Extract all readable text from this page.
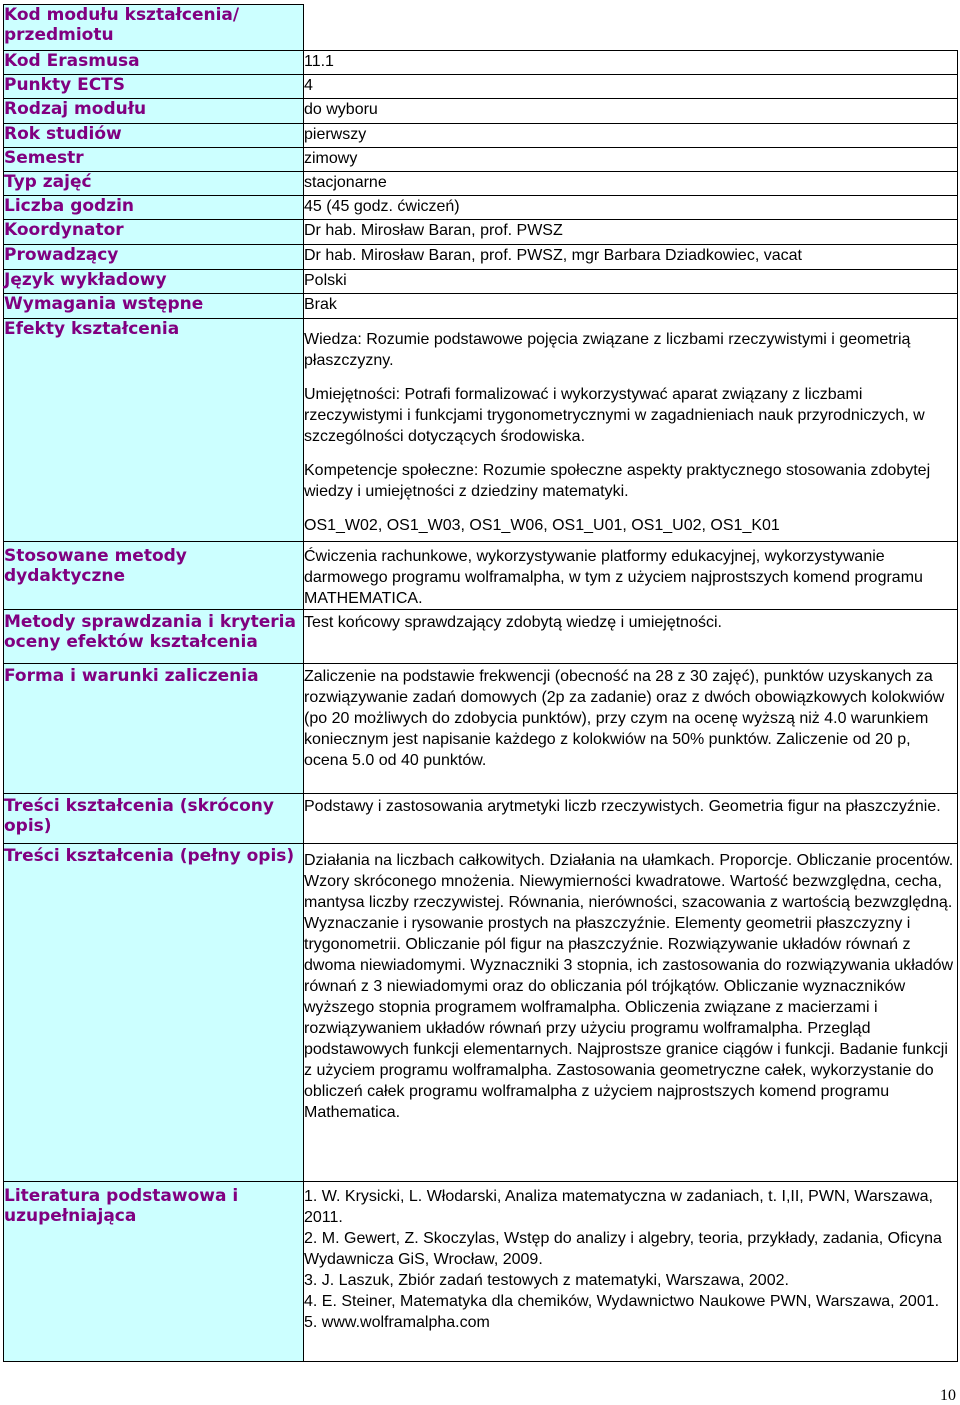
Kod modułu kształcenia/ przedmiotu	
Kod Erasmusa	11.1
Punkty ECTS	4
Rodzaj modułu	do wyboru
Rok studiów	pierwszy
Semestr	zimowy
Typ zajęć	stacjonarne
Liczba godzin	45 (45 godz. ćwiczeń)
Koordynator	Dr hab. Mirosław Baran, prof. PWSZ
Prowadzący	Dr hab. Mirosław Baran, prof. PWSZ, mgr Barbara Dziadkowiec, vacat
Język wykładowy	Polski
Wymagania wstępne	Brak
Efekty kształcenia	Wiedza: Rozumie podstawowe pojęcia związane z liczbami rzeczywistymi i geometrią płaszczyzny.
Umiejętności: Potrafi formalizować i wykorzystywać aparat związany z liczbami rzeczywistymi i funkcjami trygonometrycznymi w zagadnieniach nauk przyrodniczych, w szczególności dotyczących środowiska.
Kompetencje społeczne: Rozumie społeczne aspekty praktycznego stosowania zdobytej wiedzy i umiejętności z dziedziny matematyki.
OS1_W02, OS1_W03, OS1_W06, OS1_U01, OS1_U02, OS1_K01

Stosowane metody dydaktyczne	Ćwiczenia rachunkowe, wykorzystywanie platformy edukacyjnej, wykorzystywanie darmowego programu wolframalpha, w tym z użyciem najprostszych komend programu MATHEMATICA.
Metody sprawdzania i kryteria oceny efektów kształcenia	Test końcowy sprawdzający zdobytą wiedzę i umiejętności.
Forma i warunki zaliczenia	Zaliczenie na podstawie frekwencji (obecność na 28 z 30 zajęć), punktów uzyskanych za rozwiązywanie zadań domowych (2p za zadanie) oraz z dwóch obowiązkowych kolokwiów (po 20 możliwych do zdobycia punktów), przy czym na ocenę wyższą niż 4.0 warunkiem koniecznym jest napisanie każdego z kolokwiów na 50% punktów. Zaliczenie od 20 p, ocena 5.0 od 40 punktów.
Treści kształcenia (skrócony opis)	Podstawy i zastosowania arytmetyki liczb rzeczywistych. Geometria figur na płaszczyźnie.
Treści kształcenia (pełny opis)	Działania na liczbach całkowitych. Działania na ułamkach. Proporcje. Obliczanie procentów. Wzory skróconego mnożenia. Niewymierności kwadratowe. Wartość bezwzględna, cecha, mantysa liczby rzeczywistej. Równania, nierówności, szacowania z wartością bezwzględną. Wyznaczanie i rysowanie prostych na płaszczyźnie. Elementy geometrii płaszczyzny i trygonometrii. Obliczanie pól figur na płaszczyźnie. Rozwiązywanie układów równań z dwoma niewiadomymi. Wyznaczniki 3 stopnia, ich zastosowania do rozwiązywania układów równań z 3 niewiadomymi oraz do obliczania pól trójkątów. Obliczanie wyznaczników wyższego stopnia programem wolframalpha. Obliczenia związane z macierzami i rozwiązywaniem układów równań przy użyciu programu wolframalpha. Przegląd podstawowych funkcji elementarnych. Najprostsze granice ciągów i funkcji. Badanie funkcji z użyciem programu wolframalpha. Zastosowania geometryczne całek, wykorzystanie do obliczeń całek programu wolframalpha z użyciem najprostszych komend programu Mathematica.
Literatura podstawowa i uzupełniająca	1. W. Krysicki, L. Włodarski, Analiza matematyczna w zadaniach, t. I,II, PWN, Warszawa, 2011.
2. M. Gewert, Z. Skoczylas, Wstęp do analizy i algebry, teoria, przykłady, zadania, Oficyna Wydawnicza GiS, Wrocław, 2009.
3. J. Laszuk, Zbiór zadań testowych z matematyki, Warszawa, 2002.
4. E. Steiner, Matematyka dla chemików, Wydawnictwo Naukowe PWN, Warszawa, 2001.
5. www.wolframalpha.com
10
